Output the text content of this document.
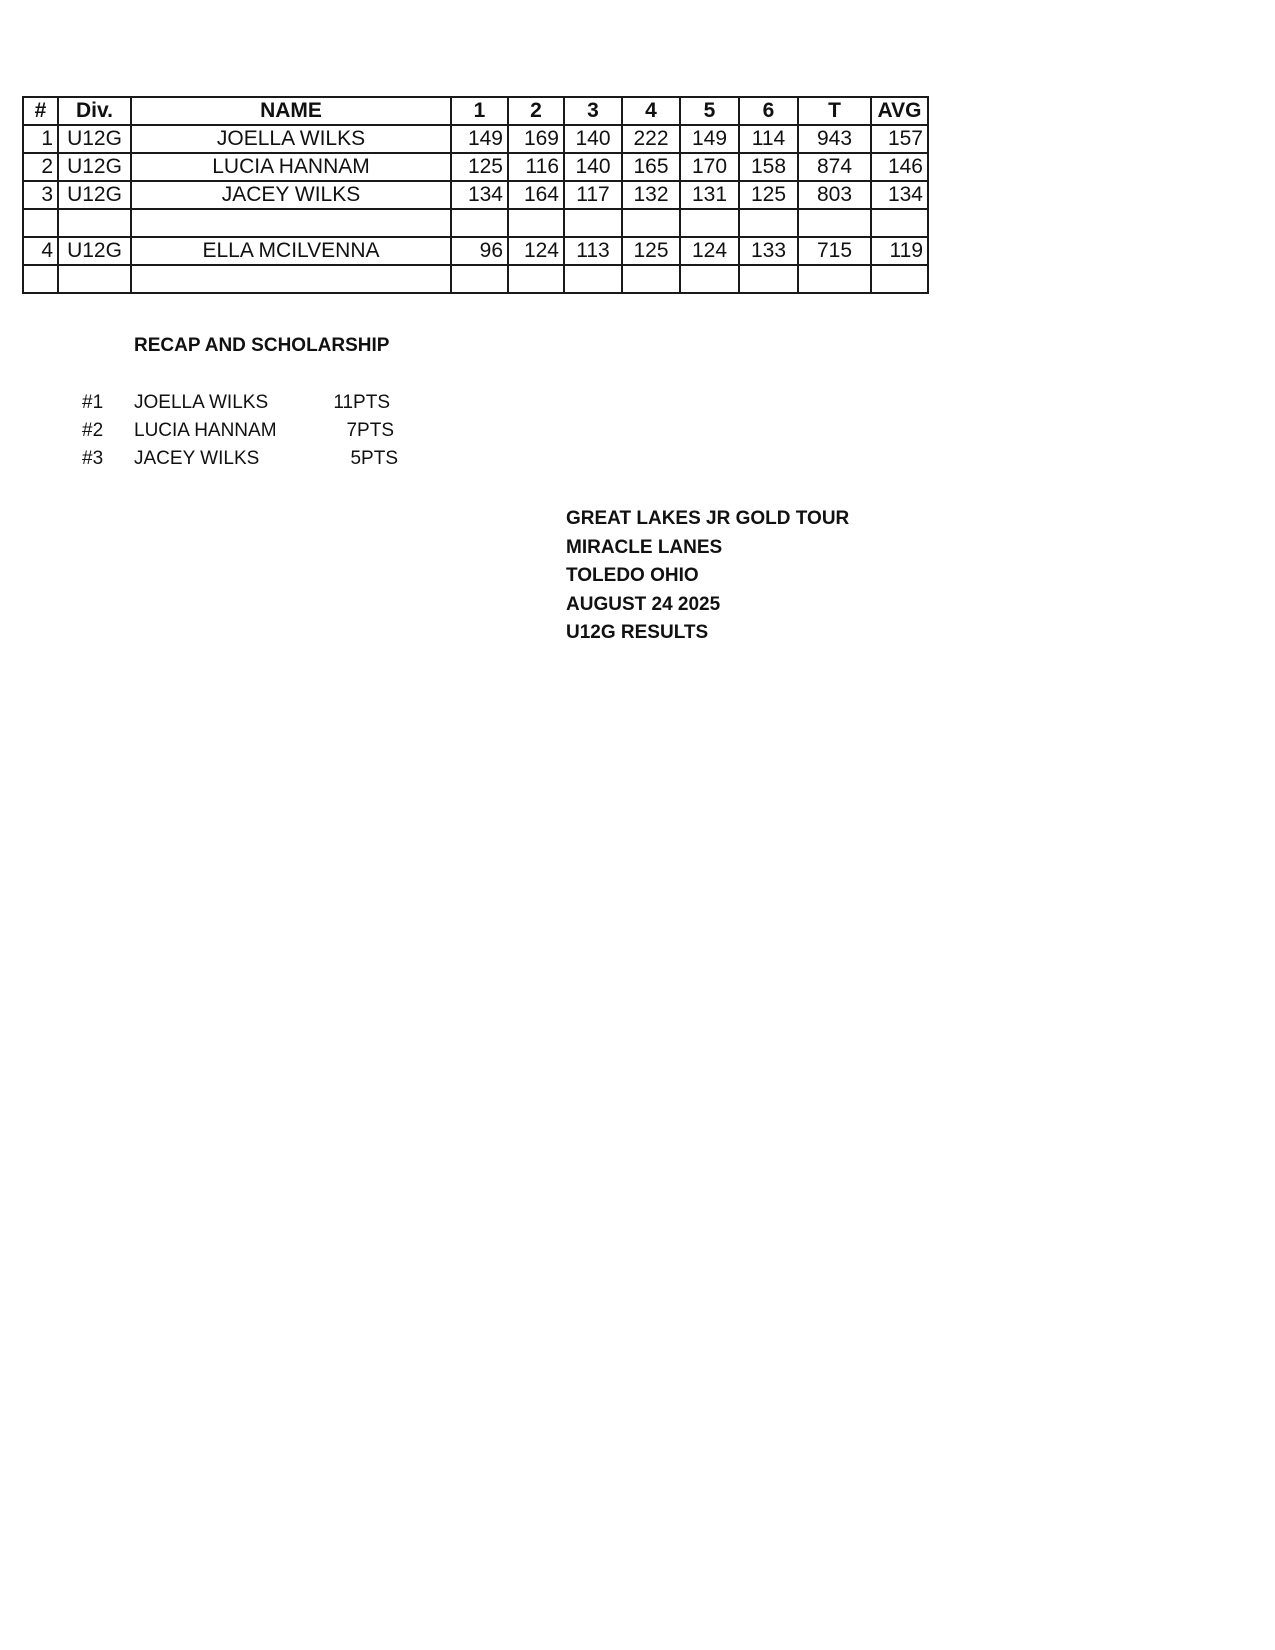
#	Div.	NAME	1	2	3	4	5	6	T	AVG
1	U12G	JOELLA WILKS	149	169	140	222	149	114	943	157
2	U12G	LUCIA HANNAM	125	116	140	165	170	158	874	146
3	U12G	JACEY WILKS	134	164	117	132	131	125	803	134

4	U12G	ELLA MCILVENNA	96	124	113	125	124	133	715	119

RECAP AND SCHOLARSHIP
#1	JOELLA WILKS	11PTS
#2	LUCIA HANNAM	7PTS
#3	JACEY WILKS	5PTS
GREAT LAKES JR GOLD TOUR
MIRACLE LANES
TOLEDO OHIO
AUGUST 24 2025
U12G RESULTS
